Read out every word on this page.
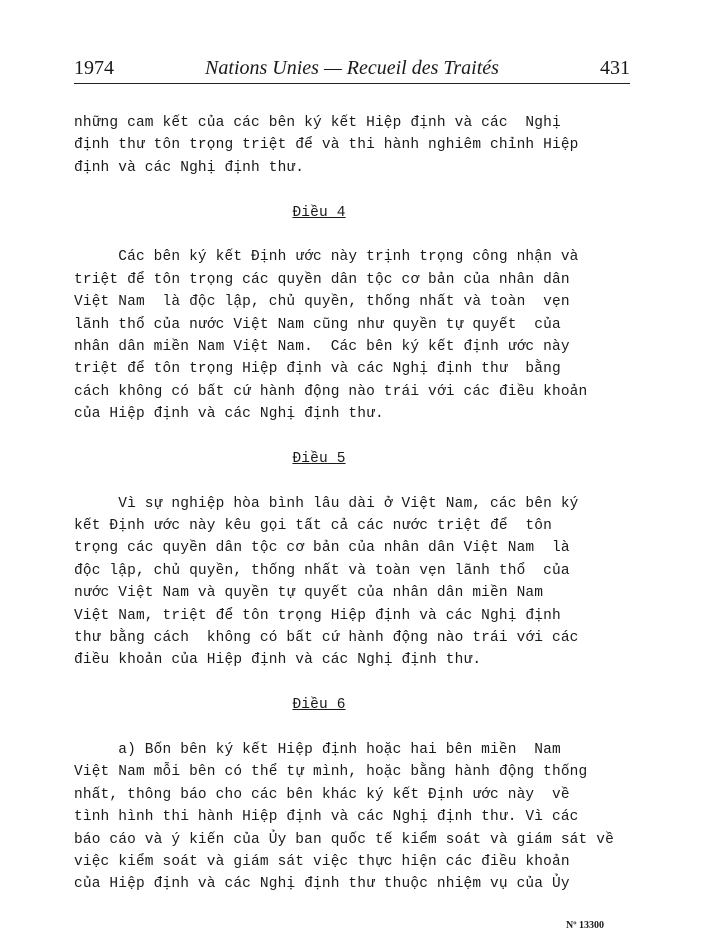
1974	Nations Unies — Recueil des Traités	431
những cam kết của các bên ký kết Hiệp định và các  Nghị
định thư tôn trọng triệt để và thi hành nghiêm chỉnh Hiệp
định và các Nghị định thư.
Điều 4
Các bên ký kết Định ước này trịnh trọng công nhận và
triệt để tôn trọng các quyền dân tộc cơ bản của nhân dân
Việt Nam  là độc lập, chủ quyền, thống nhất và toàn  vẹn
lãnh thổ của nước Việt Nam cũng như quyền tự quyết  của
nhân dân miền Nam Việt Nam.  Các bên ký kết định ước này
triệt để tôn trọng Hiệp định và các Nghị định thư  bằng
cách không có bất cứ hành động nào trái với các điều khoản
của Hiệp định và các Nghị định thư.
Điều 5
Vì sự nghiệp hòa bình lâu dài ở Việt Nam, các bên ký
kết Định ước này kêu gọi tất cả các nước triệt để  tôn
trọng các quyền dân tộc cơ bản của nhân dân Việt Nam  là
độc lập, chủ quyền, thống nhất và toàn vẹn lãnh thổ  của
nước Việt Nam và quyền tự quyết của nhân dân miền Nam
Việt Nam, triệt để tôn trọng Hiệp định và các Nghị định
thư bằng cách  không có bất cứ hành động nào trái với các
điều khoản của Hiệp định và các Nghị định thư.
Điều 6
a) Bốn bên ký kết Hiệp định hoặc hai bên miền  Nam
Việt Nam mỗi bên có thể tự mình, hoặc bằng hành động thống
nhất, thông báo cho các bên khác ký kết Định ước này  về
tình hình thi hành Hiệp định và các Nghị định thư. Vì các
báo cáo và ý kiến của Ủy ban quốc tế kiểm soát và giám sát về
việc kiểm soát và giám sát việc thực hiện các điều khoản
của Hiệp định và các Nghị định thư thuộc nhiệm vụ của Ủy
Nº 13300
